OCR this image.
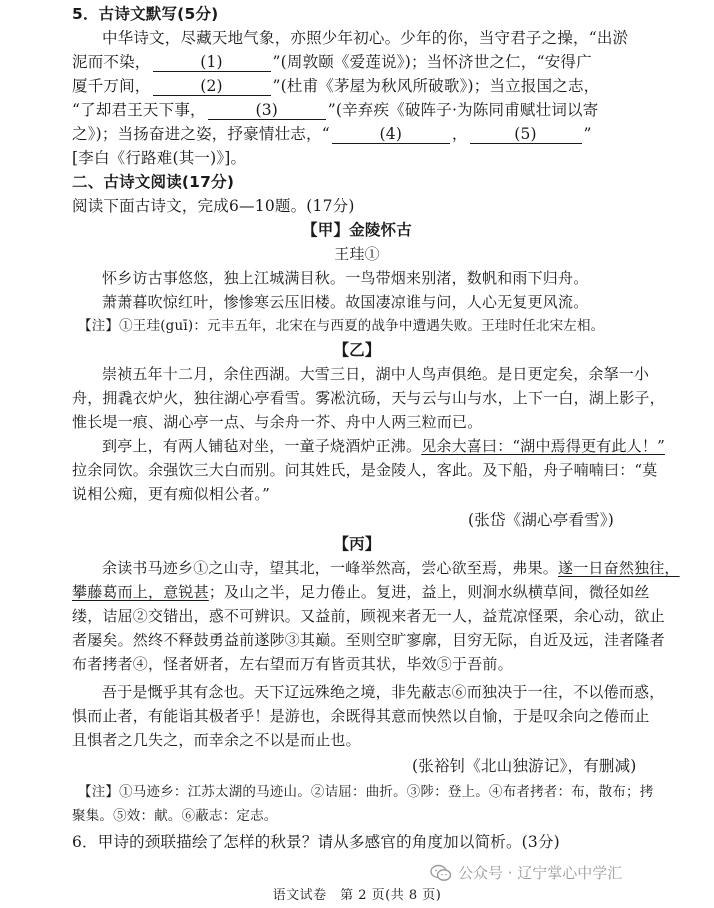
5．古诗文默写(5分)
中华诗文，尽藏天地气象，亦照少年初心。少年的你，当守君子之操，“出淤
泥而不染，	(1)	”(周敦颐《爱莲说》)；当怀济世之仁，“安得广
厦千万间，	(2)	”(杜甫《茅屋为秋风所破歌》)；当立报国之志，
“了却君王天下事，	(3)	”(辛弃疾《破阵子·为陈同甫赋壮词以寄
之》)；当扬奋进之姿，抒豪情壮志，“	(4)	，	(5)	”
[李白《行路难(其一)》]。
二、古诗文阅读(17分)
阅读下面古诗文，完成6—10题。(17分)
【甲】金陵怀古
王珪①
怀乡访古事悠悠，独上江城满目秋。一鸟带烟来别渚，数帆和雨下归舟。
萧萧暮吹惊红叶，惨惨寒云压旧楼。故国凄凉谁与问，人心无复更风流。
【注】①王珪(guī)：元丰五年，北宋在与西夏的战争中遭遇失败。王珪时任北宋左相。
【乙】
崇祯五年十二月，余住西湖。大雪三日，湖中人鸟声俱绝。是日更定矣，余拏一小
舟，拥毳衣炉火，独往湖心亭看雪。雾凇沆砀，天与云与山与水，上下一白，湖上影子，
惟长堤一痕、湖心亭一点、与余舟一芥、舟中人两三粒而已。
到亭上，有两人铺毡对坐，一童子烧酒炉正沸。见余大喜曰：“湖中焉得更有此人！”
拉余同饮。余强饮三大白而别。问其姓氏，是金陵人，客此。及下船，舟子喃喃曰：“莫
说相公痴，更有痴似相公者。”
(张岱《湖心亭看雪》)
【丙】
余读书马迹乡①之山寺，望其北，一峰举然高，尝心欲至焉，弗果。遂一日奋然独往，
攀藤葛而上，意锐甚；及山之半，足力倦止。复进，益上，则涧水纵横草间，微径如丝
缕，诘屈②交错出，惑不可辨识。又益前，顾视来者无一人，益荒凉怪栗，余心动，欲止
者屡矣。然终不释鼓勇益前遂陟③其巅。至则空旷寥廓，目穷无际，自近及远，洼者隆者
布者拷者④，怪者妍者，左右望而万有皆贡其状，毕效⑤于吾前。
吾于是慨乎其有念也。天下辽远殊绝之境，非先蔽志⑥而独决于一往，不以倦而惑，
惧而止者，有能诣其极者乎！是游也，余既得其意而怏然以自愉，于是叹余向之倦而止
且惧者之几失之，而幸余之不以是而止也。
(张裕钊《北山独游记》，有删减)
【注】①马迹乡：江苏太湖的马迹山。②诘屈：曲折。③陟：登上。④布者拷者：布，散布；拷
聚集。⑤效：献。⑥蔽志：定志。
6．甲诗的颈联描绘了怎样的秋景？请从多感官的角度加以简析。(3分)
公众号 · 辽宁掌心中学汇
语文试卷　第 2 页(共 8 页)
